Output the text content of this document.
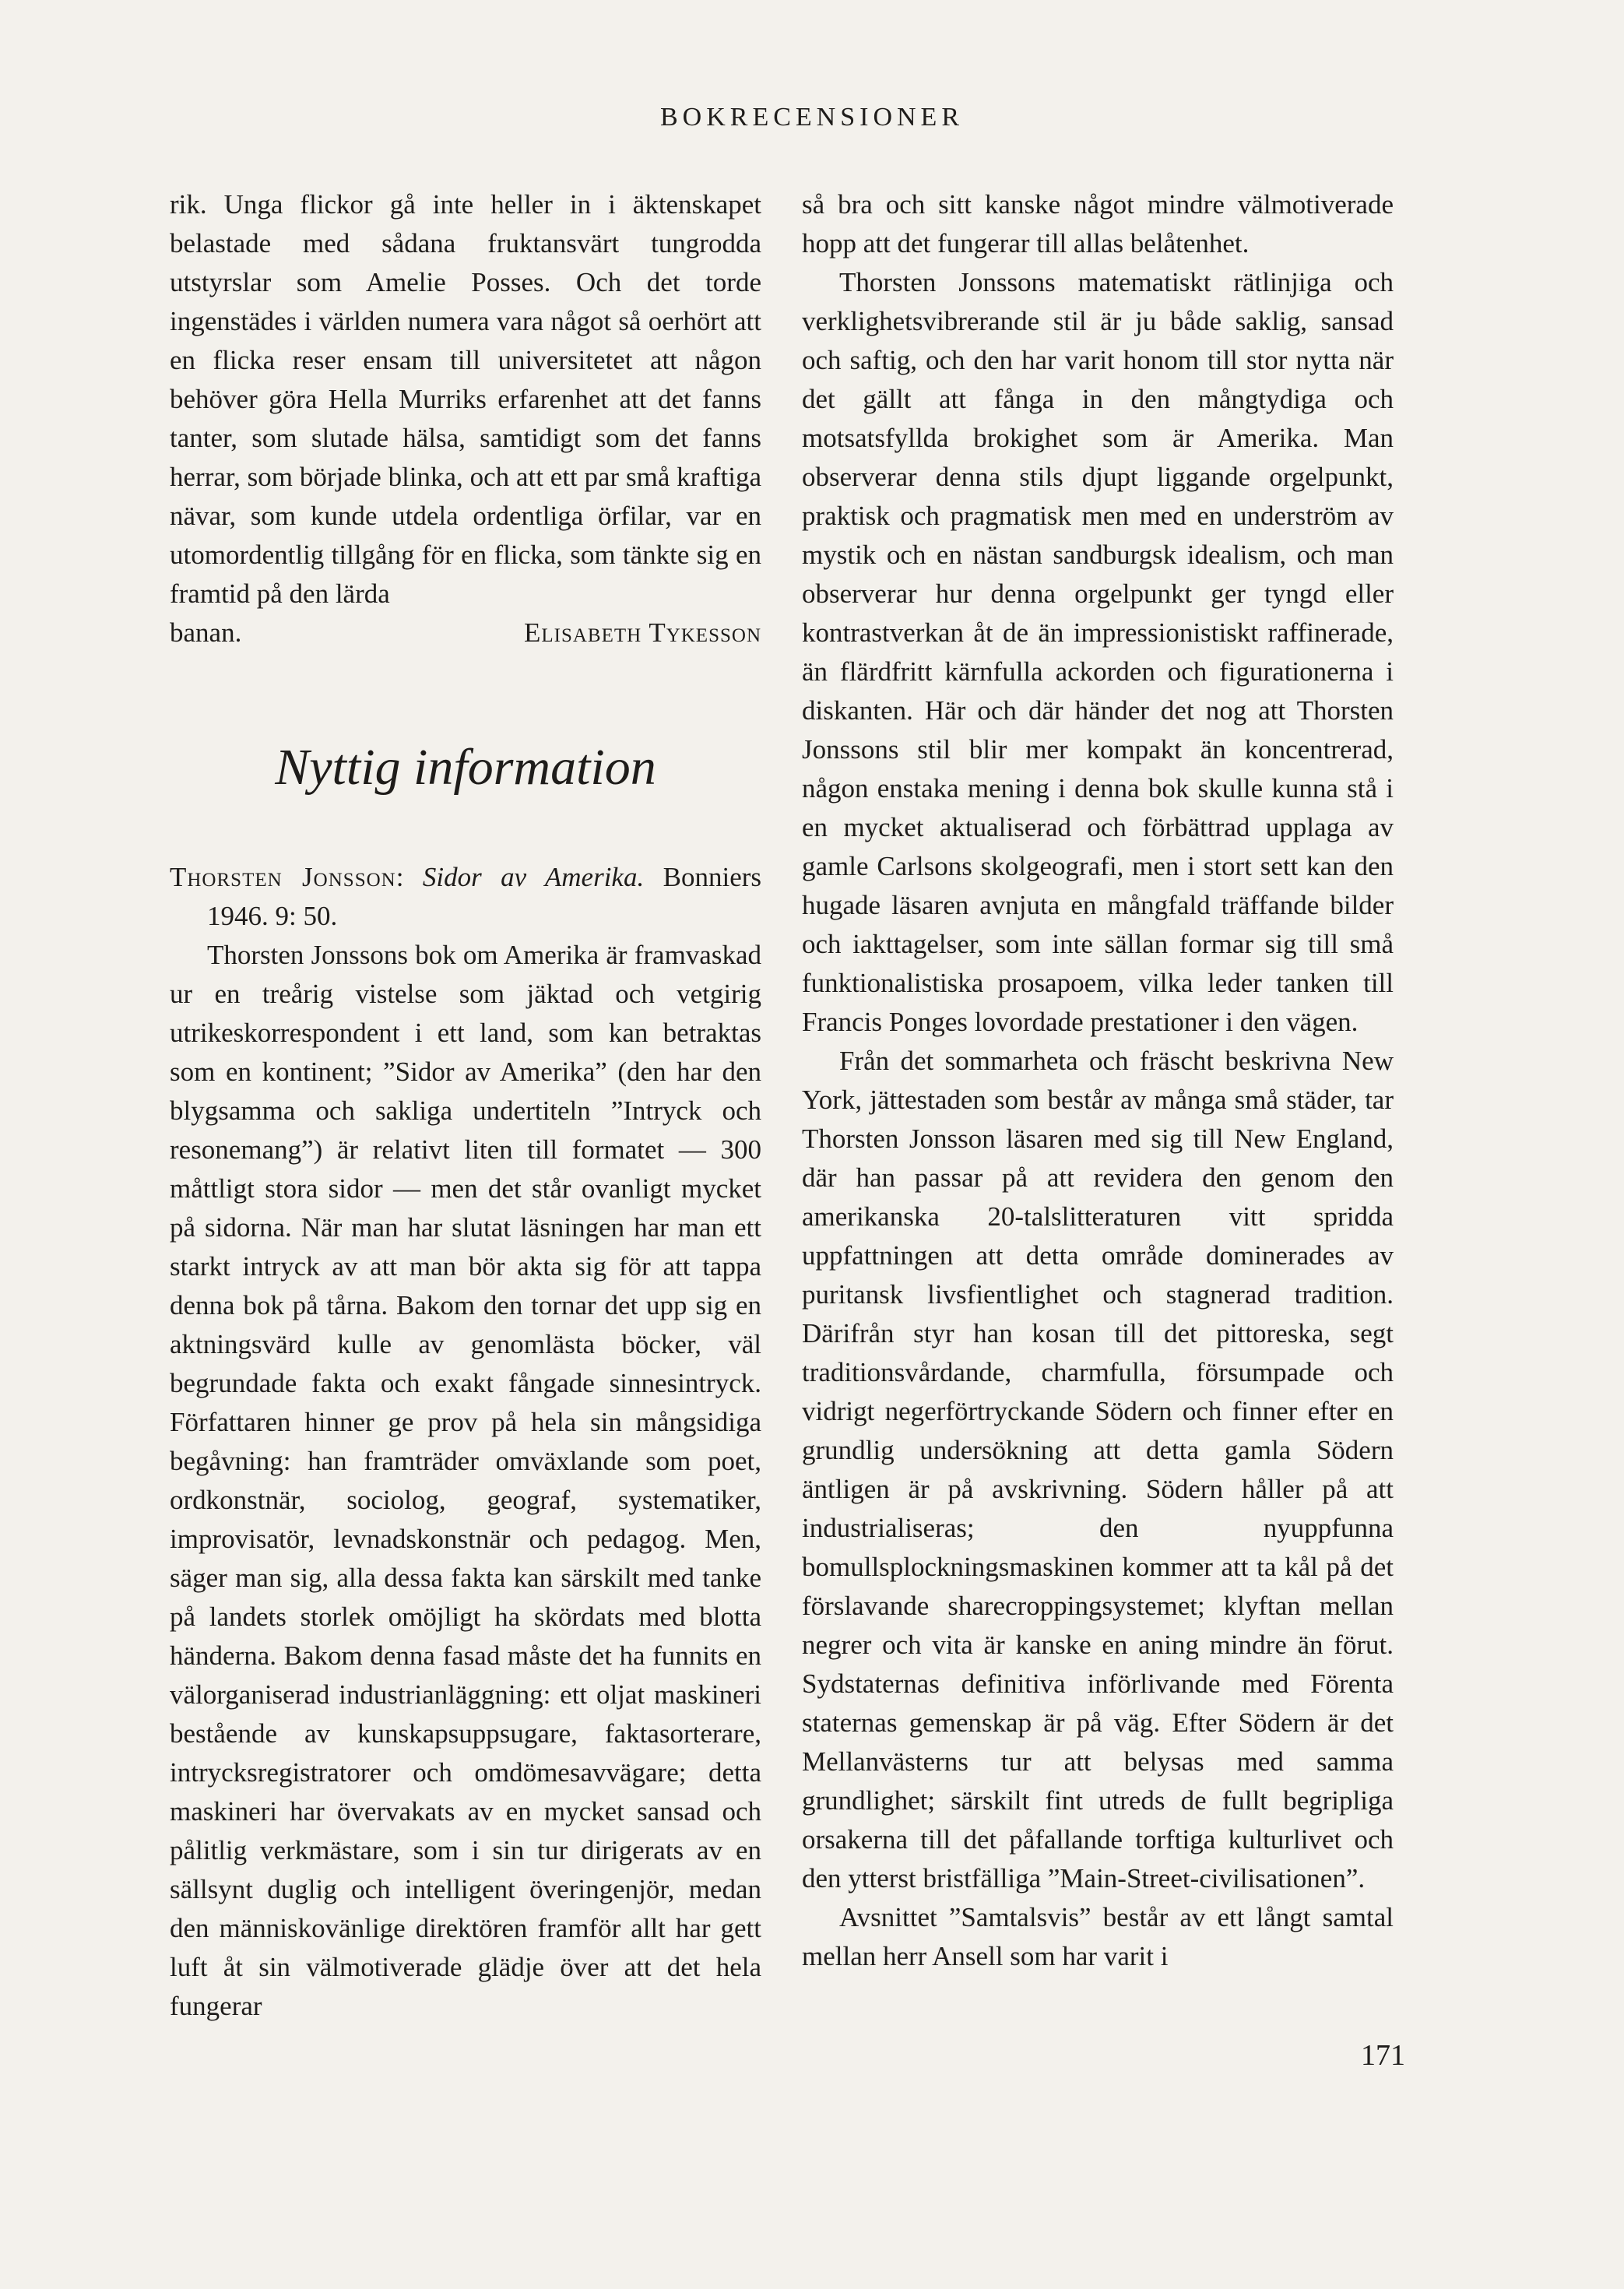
BOKRECENSIONER

rik. Unga flickor gå inte heller in i äktenskapet belastade med sådana fruktansvärt tungrodda utstyrslar som Amelie Posses. Och det torde ingenstädes i världen numera vara något så oerhört att en flicka reser ensam till universitetet att någon behöver göra Hella Murriks erfarenhet att det fanns tanter, som slutade hälsa, samtidigt som det fanns herrar, som började blinka, och att ett par små kraftiga nävar, som kunde utdela ordentliga örfilar, var en utomordentlig tillgång för en flicka, som tänkte sig en framtid på den lärda

banan.	Elisabeth Tykesson
Nyttig information

Thorsten Jonsson: Sidor av Amerika. Bonniers 1946. 9: 50.

Thorsten Jonssons bok om Amerika är framvaskad ur en treårig vistelse som jäktad och vetgirig utrikeskorrespondent i ett land, som kan betraktas som en kontinent; ”Sidor av Amerika” (den har den blygsamma och sakliga undertiteln ”Intryck och resonemang”) är relativt liten till formatet — 300 måttligt stora sidor — men det står ovanligt mycket på sidorna. När man har slutat läsningen har man ett starkt intryck av att man bör akta sig för att tappa denna bok på tårna. Bakom den tornar det upp sig en aktningsvärd kulle av genomlästa böcker, väl begrundade fakta och exakt fångade sinnesintryck. Författaren hinner ge prov på hela sin mångsidiga begåvning: han framträder omväxlande som poet, ordkonstnär, sociolog, geograf, systematiker, improvisatör, levnadskonstnär och pedagog. Men, säger man sig, alla dessa fakta kan särskilt med tanke på landets storlek omöjligt ha skördats med blotta händerna. Bakom denna fasad måste det ha funnits en välorganiserad industrianläggning: ett oljat maskineri bestående av kunskapsuppsugare, faktasorterare, intrycksregistratorer och omdömesavvägare; detta maskineri har övervakats av en mycket sansad och pålitlig verkmästare, som i sin tur dirigerats av en sällsynt duglig och intelligent överingenjör, medan den människovänlige direktören framför allt har gett luft åt sin välmotiverade glädje över att det hela fungerar

så bra och sitt kanske något mindre välmotiverade hopp att det fungerar till allas belåtenhet.

Thorsten Jonssons matematiskt rätlinjiga och verklighetsvibrerande stil är ju både saklig, sansad och saftig, och den har varit honom till stor nytta när det gällt att fånga in den mångtydiga och motsatsfyllda brokighet som är Amerika. Man observerar denna stils djupt liggande orgelpunkt, praktisk och pragmatisk men med en underström av mystik och en nästan sandburgsk idealism, och man observerar hur denna orgelpunkt ger tyngd eller kontrastverkan åt de än impressionistiskt raffinerade, än flärdfritt kärnfulla ackorden och figurationerna i diskanten. Här och där händer det nog att Thorsten Jonssons stil blir mer kompakt än koncentrerad, någon enstaka mening i denna bok skulle kunna stå i en mycket aktualiserad och förbättrad upplaga av gamle Carlsons skolgeografi, men i stort sett kan den hugade läsaren avnjuta en mångfald träffande bilder och iakttagelser, som inte sällan formar sig till små funktionalistiska prosapoem, vilka leder tanken till Francis Ponges lovordade prestationer i den vägen.

Från det sommarheta och fräscht beskrivna New York, jättestaden som består av många små städer, tar Thorsten Jonsson läsaren med sig till New England, där han passar på att revidera den genom den amerikanska 20-talslitteraturen vitt spridda uppfattningen att detta område dominerades av puritansk livsfientlighet och stagnerad tradition. Därifrån styr han kosan till det pittoreska, segt traditionsvårdande, charmfulla, försumpade och vidrigt negerförtryckande Södern och finner efter en grundlig undersökning att detta gamla Södern äntligen är på avskrivning. Södern håller på att industrialiseras; den nyuppfunna bomullsplockningsmaskinen kommer att ta kål på det förslavande sharecroppingsystemet; klyftan mellan negrer och vita är kanske en aning mindre än förut. Sydstaternas definitiva införlivande med Förenta staternas gemenskap är på väg. Efter Södern är det Mellanvästerns tur att belysas med samma grundlighet; särskilt fint utreds de fullt begripliga orsakerna till det påfallande torftiga kulturlivet och den ytterst bristfälliga ”Main-Street-civilisationen”.

Avsnittet ”Samtalsvis” består av ett långt samtal mellan herr Ansell som har varit i

171
